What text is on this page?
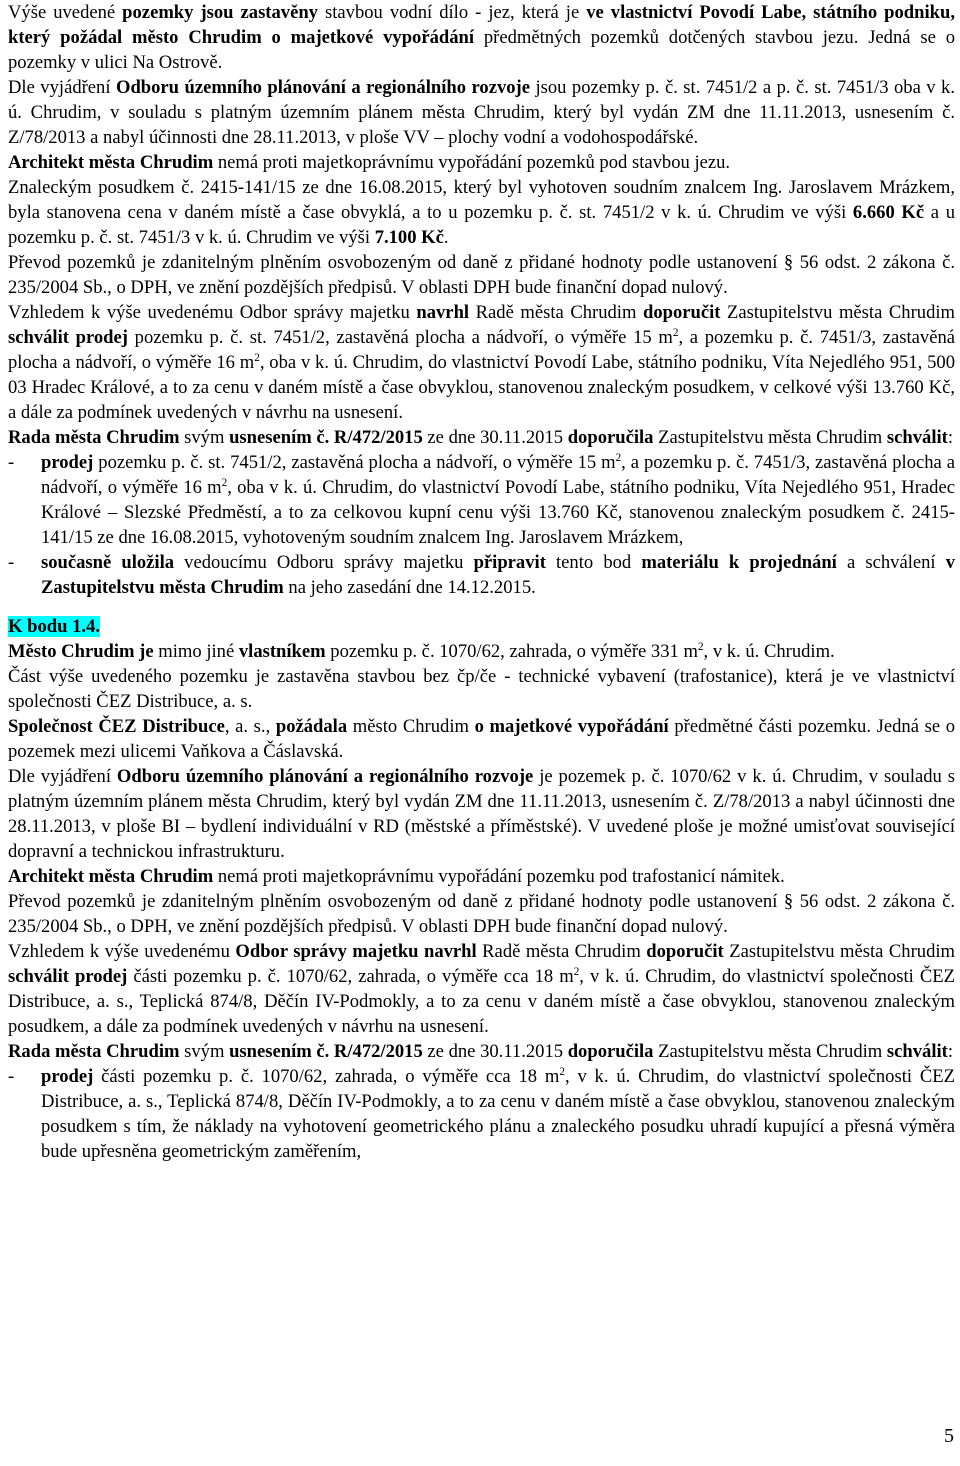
Výše uvedené pozemky jsou zastavěny stavbou vodní dílo - jez, která je ve vlastnictví Povodí Labe, státního podniku, který požádal město Chrudim o majetkové vypořádání předmětných pozemků dotčených stavbou jezu. Jedná se o pozemky v ulici Na Ostrově.

Dle vyjádření Odboru územního plánování a regionálního rozvoje jsou pozemky p. č. st. 7451/2 a p. č. st. 7451/3 oba v k. ú. Chrudim, v souladu s platným územním plánem města Chrudim, který byl vydán ZM dne 11.11.2013, usnesením č. Z/78/2013 a nabyl účinnosti dne 28.11.2013, v ploše VV – plochy vodní a vodohospodářské.

Architekt města Chrudim nemá proti majetkoprávnímu vypořádání pozemků pod stavbou jezu.

Znaleckým posudkem č. 2415-141/15 ze dne 16.08.2015, který byl vyhotoven soudním znalcem Ing. Jaroslavem Mrázkem, byla stanovena cena v daném místě a čase obvyklá, a to u pozemku p. č. st. 7451/2 v k. ú. Chrudim ve výši 6.660 Kč a u pozemku p. č. st. 7451/3 v k. ú. Chrudim ve výši 7.100 Kč.

Převod pozemků je zdanitelným plněním osvobozeným od daně z přidané hodnoty podle ustanovení § 56 odst. 2 zákona č. 235/2004 Sb., o DPH, ve znění pozdějších předpisů. V oblasti DPH bude finanční dopad nulový.

Vzhledem k výše uvedenému Odbor správy majetku navrhl Radě města Chrudim doporučit Zastupitelstvu města Chrudim schválit prodej pozemku p. č. st. 7451/2, zastavěná plocha a nádvoří, o výměře 15 $m^2$, a pozemku p. č. 7451/3, zastavěná plocha a nádvoří, o výměře 16 $m^2$, oba v k. ú. Chrudim, do vlastnictví Povodí Labe, státního podniku, Víta Nejedlého 951, 500 03 Hradec Králové, a to za cenu v daném místě a čase obvyklou, stanovenou znaleckým posudkem, v celkové výši 13.760 Kč, a dále za podmínek uvedených v návrhu na usnesení.

Rada města Chrudim svým usnesením č. R/472/2015 ze dne 30.11.2015 doporučila Zastupitelstvu města Chrudim schválit:

- prodej pozemku p. č. st. 7451/2, zastavěná plocha a nádvoří, o výměře 15 $m^2$, a pozemku p. č. 7451/3, zastavěná plocha a nádvoří, o výměře 16 $m^2$, oba v k. ú. Chrudim, do vlastnictví Povodí Labe, státního podniku, Víta Nejedlého 951, Hradec Králové – Slezské Předměstí, a to za celkovou kupní cenu výši 13.760 Kč, stanovenou znaleckým posudkem č. 2415-141/15 ze dne 16.08.2015, vyhotoveným soudním znalcem Ing. Jaroslavem Mrázkem,

- současně uložila vedoucímu Odboru správy majetku připravit tento bod materiálu k projednání a schválení v Zastupitelstvu města Chrudim na jeho zasedání dne 14.12.2015.

K bodu 1.4.

Město Chrudim je mimo jiné vlastníkem pozemku p. č. 1070/62, zahrada, o výměře 331 $m^2$, v k. ú. Chrudim.

Část výše uvedeného pozemku je zastavěna stavbou bez čp/če - technické vybavení (trafostanice), která je ve vlastnictví společnosti ČEZ Distribuce, a. s.

Společnost ČEZ Distribuce, a. s., požádala město Chrudim o majetkové vypořádání předmětné části pozemku. Jedná se o pozemek mezi ulicemi Vaňkova a Čáslavská.

Dle vyjádření Odboru územního plánování a regionálního rozvoje je pozemek p. č. 1070/62 v k. ú. Chrudim, v souladu s platným územním plánem města Chrudim, který byl vydán ZM dne 11.11.2013, usnesením č. Z/78/2013 a nabyl účinnosti dne 28.11.2013, v ploše BI – bydlení individuální v RD (městské a příměstské). V uvedené ploše je možné umisťovat související dopravní a technickou infrastrukturu.

Architekt města Chrudim nemá proti majetkoprávnímu vypořádání pozemku pod trafostanicí námitek.

Převod pozemků je zdanitelným plněním osvobozeným od daně z přidané hodnoty podle ustanovení § 56 odst. 2 zákona č. 235/2004 Sb., o DPH, ve znění pozdějších předpisů. V oblasti DPH bude finanční dopad nulový.

Vzhledem k výše uvedenému Odbor správy majetku navrhl Radě města Chrudim doporučit Zastupitelstvu města Chrudim schválit prodej části pozemku p. č. 1070/62, zahrada, o výměře cca 18 $m^2$, v k. ú. Chrudim, do vlastnictví společnosti ČEZ Distribuce, a. s., Teplická 874/8, Děčín IV-Podmokly, a to za cenu v daném místě a čase obvyklou, stanovenou znaleckým posudkem, a dále za podmínek uvedených v návrhu na usnesení.

Rada města Chrudim svým usnesením č. R/472/2015 ze dne 30.11.2015 doporučila Zastupitelstvu města Chrudim schválit:

- prodej části pozemku p. č. 1070/62, zahrada, o výměře cca 18 $m^2$, v k. ú. Chrudim, do vlastnictví společnosti ČEZ Distribuce, a. s., Teplická 874/8, Děčín IV-Podmokly, a to za cenu v daném místě a čase obvyklou, stanovenou znaleckým posudkem s tím, že náklady na vyhotovení geometrického plánu a znaleckého posudku uhradí kupující a přesná výměra bude upřesněna geometrickým zaměřením,

5
